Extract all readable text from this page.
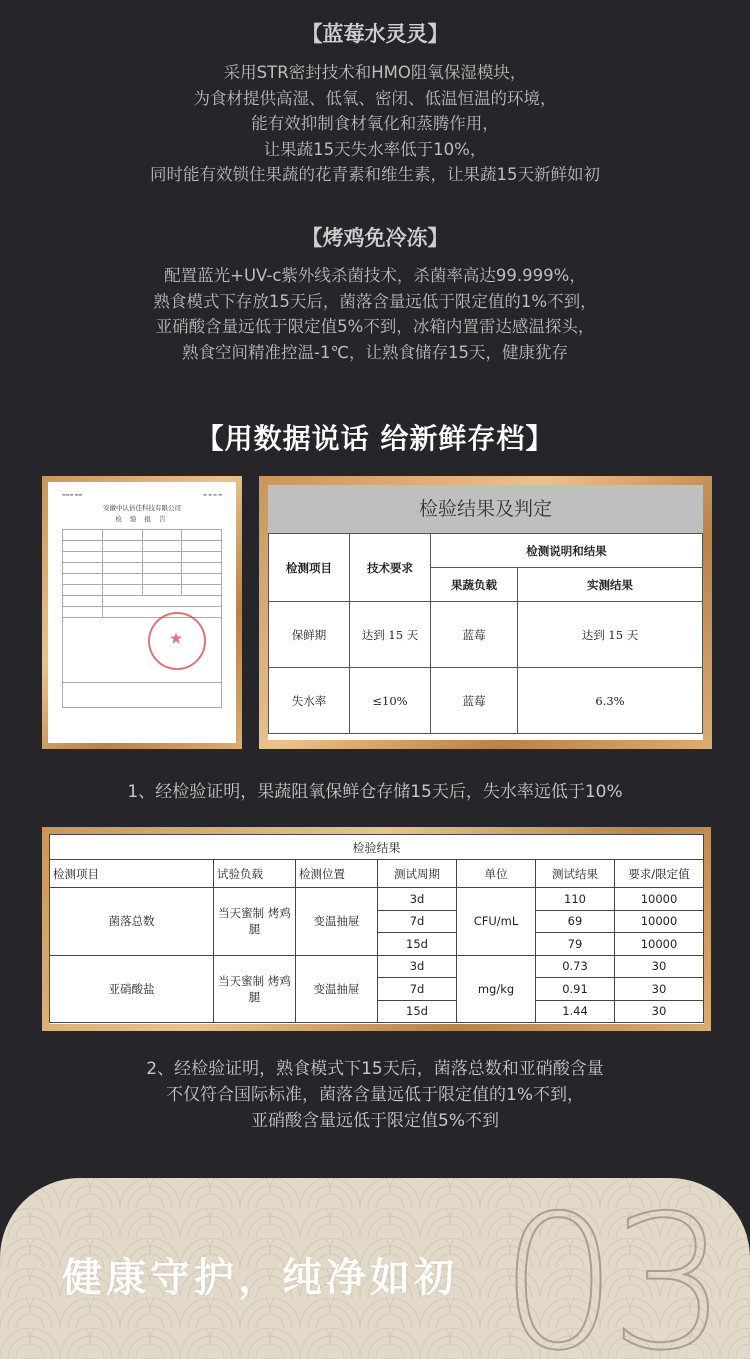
【蓝莓水灵灵】
采用STR密封技术和HMO阻氧保湿模块，
为食材提供高湿、低氧、密闭、低温恒温的环境，
能有效抑制食材氧化和蒸腾作用，
让果蔬15天失水率低于10%，
同时能有效锁住果蔬的花青素和维生素，让果蔬15天新鲜如初
【烤鸡免冷冻】
配置蓝光+UV-c紫外线杀菌技术，杀菌率高达99.999%，
熟食模式下存放15天后，菌落含量远低于限定值的1%不到，
亚硝酸含量远低于限定值5%不到，冰箱内置雷达感温探头，
熟食空间精准控温-1℃，让熟食储存15天，健康犹存
【用数据说话 给新鲜存档】
▬▬▬ ▬▬	▬ ▬ ▬ ▬
安徽中认倍佳科技有限公司
检 验 报 告

		检验结果及判定
检测项目	技术要求	检测说明和结果	
		果蔬负载	实测结果
保鲜期	达到 15 天	蓝莓	达到 15 天
失水率	≤10%	蓝莓	6.3%
1、经检验证明，果蔬阻氧保鲜仓存储15天后，失水率远低于10%
检验结果						
检测项目	试验负载	检测位置	测试周期	单位	测试结果	要求/限定值
菌落总数	当天蜜制 烤鸡腿	变温抽屉	3d	CFU/mL	110	10000
			7d		69	10000
			15d		79	10000
亚硝酸盐	当天蜜制 烤鸡腿	变温抽屉	3d	mg/kg	0.73	30
			7d		0.91	30
			15d		1.44	30
2、经检验证明，熟食模式下15天后，菌落总数和亚硝酸含量
不仅符合国际标准，菌落含量远低于限定值的1%不到，
亚硝酸含量远低于限定值5%不到
03
健康守护，纯净如初
